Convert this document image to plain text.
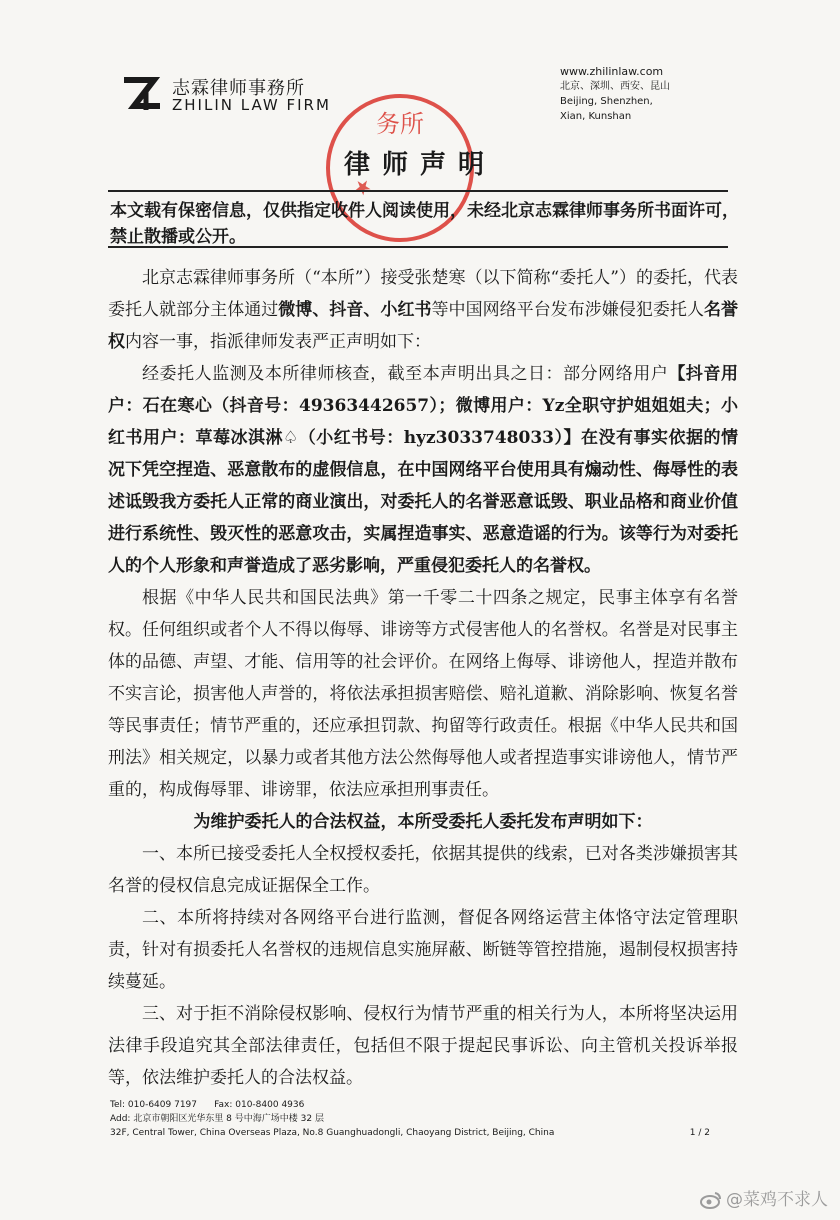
志霖律师事務所
ZHILIN LAW FIRM
www.zhilinlaw.com
北京、深圳、西安、昆山
Beijing, Shenzhen, Xian, Kunshan
务所
★
律师声明
本文载有保密信息，仅供指定收件人阅读使用，未经北京志霖律师事务所书面许可，禁止散播或公开。

北京志霖律师事务所（“本所”）接受张楚寒（以下简称“委托人”）的委托，代表委托人就部分主体通过微博、抖音、小红书等中国网络平台发布涉嫌侵犯委托人名誉权内容一事，指派律师发表严正声明如下：

经委托人监测及本所律师核查，截至本声明出具之日：部分网络用户【抖音用户：石在寒心（抖音号：49363442657）；微博用户：Yz全职守护姐姐姐夫；小红书用户：草莓冰淇淋♤（小红书号：hyz3033748033）】在没有事实依据的情况下凭空捏造、恶意散布的虚假信息，在中国网络平台使用具有煽动性、侮辱性的表述诋毁我方委托人正常的商业演出，对委托人的名誉恶意诋毁、职业品格和商业价值进行系统性、毁灭性的恶意攻击，实属捏造事实、恶意造谣的行为。该等行为对委托人的个人形象和声誉造成了恶劣影响，严重侵犯委托人的名誉权。

根据《中华人民共和国民法典》第一千零二十四条之规定，民事主体享有名誉权。任何组织或者个人不得以侮辱、诽谤等方式侵害他人的名誉权。名誉是对民事主体的品德、声望、才能、信用等的社会评价。在网络上侮辱、诽谤他人，捏造并散布不实言论，损害他人声誉的，将依法承担损害赔偿、赔礼道歉、消除影响、恢复名誉等民事责任；情节严重的，还应承担罚款、拘留等行政责任。根据《中华人民共和国刑法》相关规定，以暴力或者其他方法公然侮辱他人或者捏造事实诽谤他人，情节严重的，构成侮辱罪、诽谤罪，依法应承担刑事责任。

为维护委托人的合法权益，本所受委托人委托发布声明如下：

一、本所已接受委托人全权授权委托，依据其提供的线索，已对各类涉嫌损害其名誉的侵权信息完成证据保全工作。

二、本所将持续对各网络平台进行监测，督促各网络运营主体恪守法定管理职责，针对有损委托人名誉权的违规信息实施屏蔽、断链等管控措施，遏制侵权损害持续蔓延。

三、对于拒不消除侵权影响、侵权行为情节严重的相关行为人，本所将坚决运用法律手段追究其全部法律责任，包括但不限于提起民事诉讼、向主管机关投诉举报等，依法维护委托人的合法权益。

Tel: 010-6409 7197 Fax: 010-8400 4936
Add: 北京市朝阳区光华东里 8 号中海广场中楼 32 层
32F, Central Tower, China Overseas Plaza, No.8 Guanghuadongli, Chaoyang District, Beijing, China	1 / 2
@菜鸡不求人
